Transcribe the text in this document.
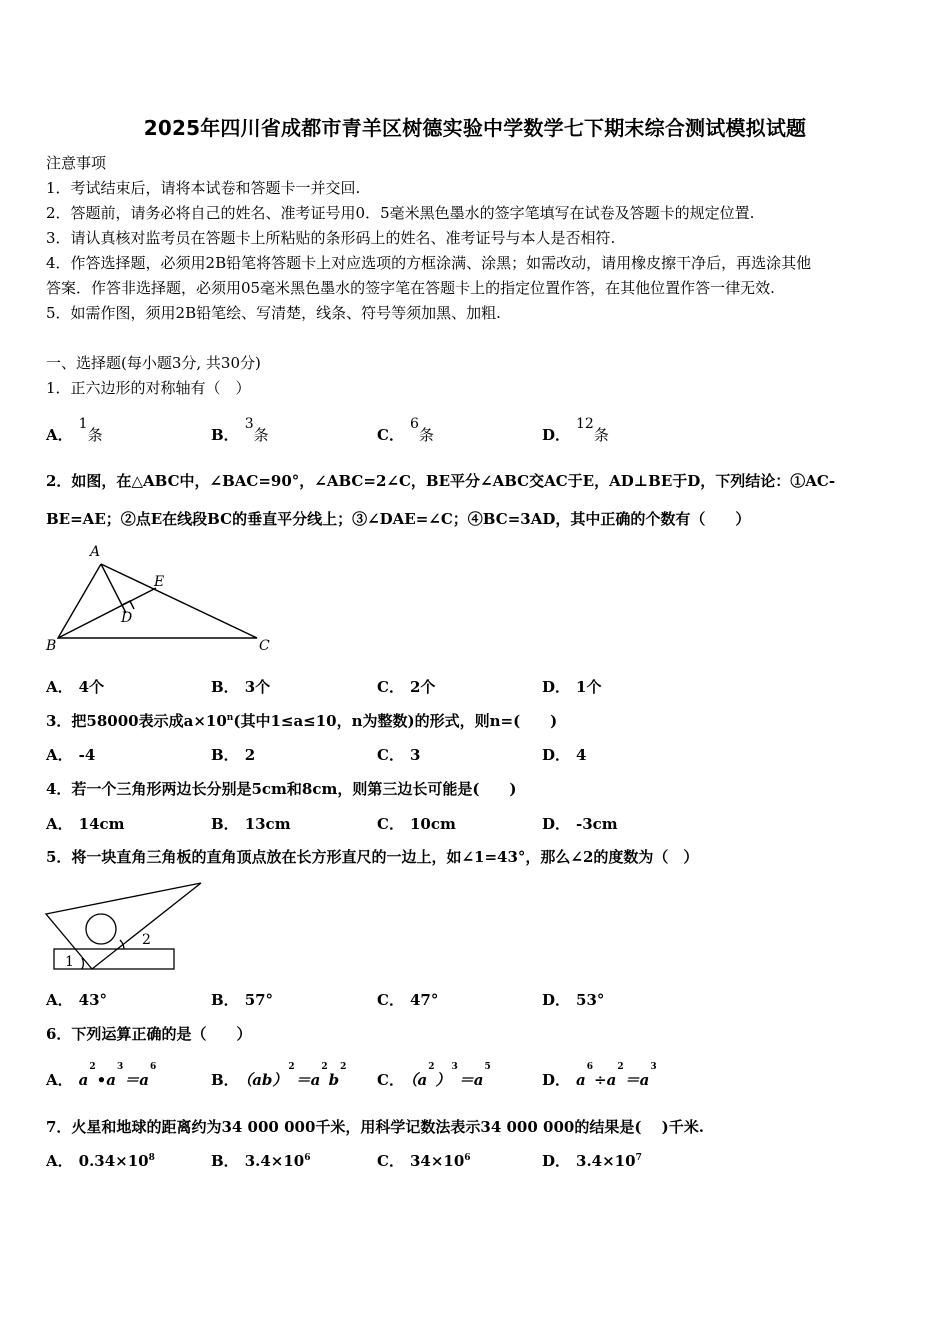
2025年四川省成都市青羊区树德实验中学数学七下期末综合测试模拟试题
注意事项
1．考试结束后，请将本试卷和答题卡一并交回.
2．答题前，请务必将自己的姓名、准考证号用0．5毫米黑色墨水的签字笔填写在试卷及答题卡的规定位置.
3．请认真核对监考员在答题卡上所粘贴的条形码上的姓名、准考证号与本人是否相符.
4．作答选择题，必须用2B铅笔将答题卡上对应选项的方框涂满、涂黑；如需改动，请用橡皮擦干净后，再选涂其他
答案．作答非选择题，必须用05毫米黑色墨水的签字笔在答题卡上的指定位置作答，在其他位置作答一律无效.
5．如需作图，须用2B铅笔绘、写清楚，线条、符号等须加黑、加粗.
一、选择题(每小题3分, 共30分)
1．正六边形的对称轴有（　）
A．1条	B．3条	C．6条	D．12条
2．如图，在△ABC中，∠BAC=90°，∠ABC=2∠C，BE平分∠ABC交AC于E，AD⊥BE于D，下列结论：①AC-
BE=AE；②点E在线段BC的垂直平分线上；③∠DAE=∠C；④BC=3AD，其中正确的个数有（　　）
A
B	C
D
E
A． 4个	B． 3个	C． 2个	D． 1个
3．把58000表示成$a\times 10^n$(其中1≤a≤10，n为整数)的形式，则n=(　　)
A． -4	B． 2	C． 3	D． 4
4．若一个三角形两边长分别是5cm和8cm，则第三边长可能是(　　)
A． 14cm	B． 13cm	C． 10cm	D． -3cm
5．将一块直角三角板的直角顶点放在长方形直尺的一边上，如∠1=43°，那么∠2的度数为（　）
1
2
A． 43°	B． 57°	C． 47°	D． 53°
6．下列运算正确的是（　　）
A． $a^2•a^3=a^6$
B． $(ab)^2=a^2b^2$
C． $(a^2)^3=a^5$
D． $a^6\div a^2=a^3$
7．火星和地球的距离约为34 000 000千米，用科学记数法表示34 000 000的结果是(　 )千米.
A． $0.34\times 10^8$	B． $3.4\times 10^6$	C． $34\times 10^6$	D． $3.4\times 10^7$
